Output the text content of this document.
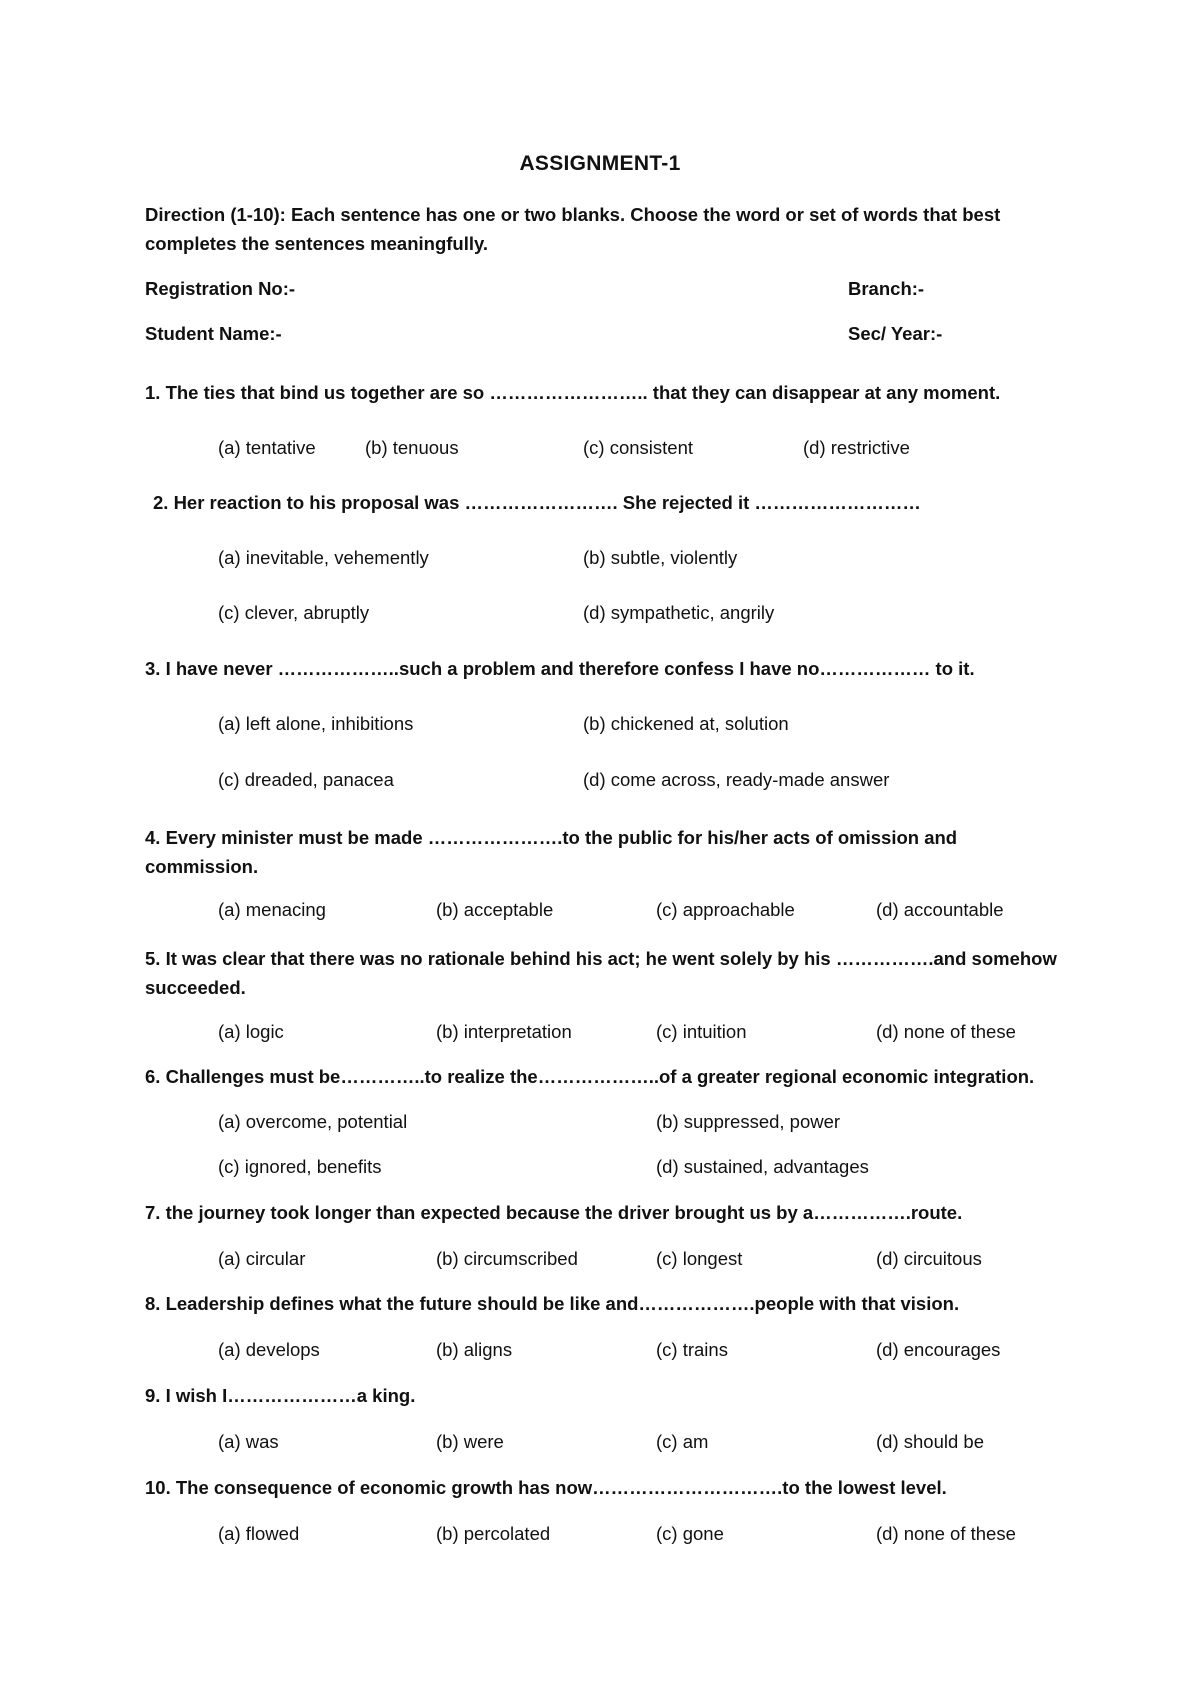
ASSIGNMENT-1
Direction (1-10): Each sentence has one or two blanks. Choose the word or set of words that best completes the sentences meaningfully.
Registration No:-	Branch:-
Student Name:-	Sec/ Year:-
1. The ties that bind us together are so …………………….. that they can disappear at any moment.
(a) tentative	(b) tenuous	(c) consistent	(d) restrictive
2. Her reaction to his proposal was ……………………. She rejected it ………………………
(a) inevitable, vehemently	(b) subtle, violently
(c) clever, abruptly	(d) sympathetic, angrily
3. I have never ………………..such a problem and therefore confess I have no……………… to it.
(a) left alone, inhibitions	(b) chickened at, solution
(c) dreaded, panacea	(d) come across, ready-made answer
4. Every minister must be made ………………….to the public for his/her acts of omission and commission.
(a) menacing	(b) acceptable	(c) approachable	(d) accountable
5. It was clear that there was no rationale behind his act; he went solely by his …………….and somehow succeeded.
(a) logic	(b) interpretation	(c) intuition	(d) none of these
6. Challenges must be…………..to realize the………………..of a greater regional economic integration.
(a) overcome, potential	(b) suppressed, power
(c) ignored, benefits	(d) sustained, advantages
7. the journey took longer than expected because the driver brought us by a…………….route.
(a) circular	(b) circumscribed	(c) longest	(d) circuitous
8. Leadership defines what the future should be like and……………….people with that vision.
(a) develops	(b) aligns	(c) trains	(d) encourages
9. I wish I…………………a king.
(a) was	(b) were	(c) am	(d) should be
10. The consequence of economic growth has now………………………….to the lowest level.
(a) flowed	(b) percolated	(c) gone	(d) none of these
